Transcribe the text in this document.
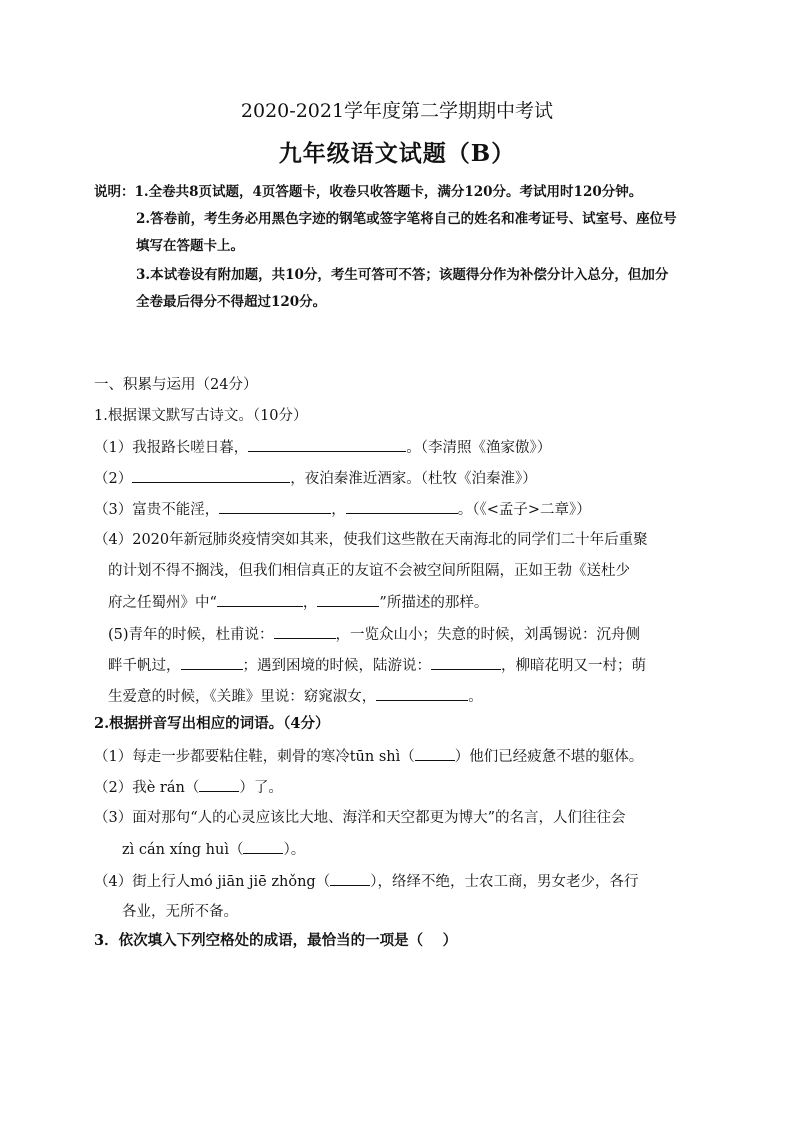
2020-2021学年度第二学期期中考试
九年级语文试题（B）
说明：1.全卷共8页试题，4页答题卡，收卷只收答题卡，满分120分。考试用时120分钟。
2.答卷前，考生务必用黑色字迹的钢笔或签字笔将自己的姓名和准考证号、试室号、座位号
填写在答题卡上。
3.本试卷设有附加题，共10分，考生可答可不答；该题得分作为补偿分计入总分，但加分
全卷最后得分不得超过120分。
一、积累与运用（24分）
1.根据课文默写古诗文。（10分）
（1）我报路长嗟日暮，	。（李清照《渔家傲》）
（2）	，夜泊秦淮近酒家。（杜牧《泊秦淮》）
（3）富贵不能淫，	，	。（《<孟子>二章》）
（4）2020年新冠肺炎疫情突如其来，使我们这些散在天南海北的同学们二十年后重聚
的计划不得不搁浅，但我们相信真正的友谊不会被空间所阻隔，正如王勃《送杜少
府之任蜀州》中“	，	”所描述的那样。
(5)青年的时候，杜甫说：	，一览众山小；失意的时候，刘禹锡说：沉舟侧
畔千帆过，	；遇到困境的时候，陆游说：	，柳暗花明又一村；萌
生爱意的时候，《关雎》里说：窈窕淑女，	。
2.根据拼音写出相应的词语。（4分）
（1）每走一步都要粘住鞋，刺骨的寒冷tūn shì（	）他们已经疲惫不堪的躯体。
（2）我è rán（	）了。
（3）面对那句“人的心灵应该比大地、海洋和天空都更为博大”的名言，人们往往会
zì cán xíng huì（	）。
（4）街上行人mó jiān jiē zhǒng（	），络绎不绝，士农工商，男女老少，各行
各业，无所不备。
3．依次填入下列空格处的成语，最恰当的一项是（　 ）
